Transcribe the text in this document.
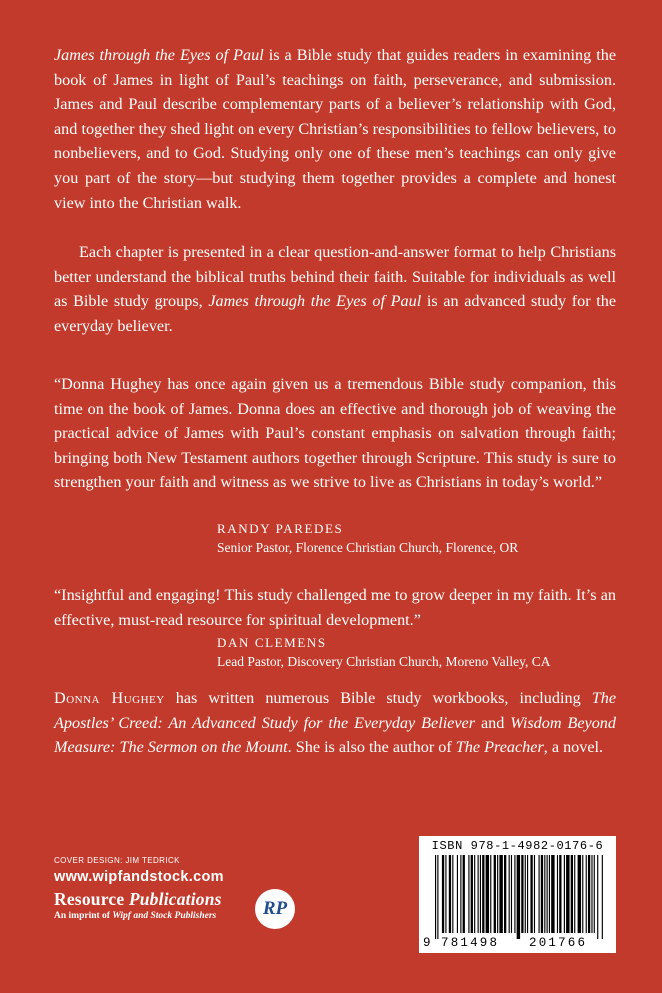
James through the Eyes of Paul is a Bible study that guides readers in examining the book of James in light of Paul’s teachings on faith, perseverance, and submission. James and Paul describe complementary parts of a believer’s relationship with God, and together they shed light on every Christian’s responsibilities to fellow believers, to nonbelievers, and to God. Studying only one of these men’s teachings can only give you part of the story—but studying them together provides a complete and honest view into the Christian walk.

Each chapter is presented in a clear question-and-answer format to help Christians better understand the biblical truths behind their faith. Suitable for individuals as well as Bible study groups, James through the Eyes of Paul is an advanced study for the everyday believer.

“Donna Hughey has once again given us a tremendous Bible study companion, this time on the book of James. Donna does an effective and thorough job of weaving the practical advice of James with Paul’s constant emphasis on salvation through faith; bringing both New Testament authors together through Scripture. This study is sure to strengthen your faith and witness as we strive to live as Christians in today’s world.”

RANDY PAREDES
Senior Pastor, Florence Christian Church, Florence, OR

“Insightful and engaging! This study challenged me to grow deeper in my faith. It’s an effective, must-read resource for spiritual development.”

DAN CLEMENS
Lead Pastor, Discovery Christian Church, Moreno Valley, CA

Donna Hughey has written numerous Bible study workbooks, including The Apostles’ Creed: An Advanced Study for the Everyday Believer and Wisdom Beyond Measure: The Sermon on the Mount. She is also the author of The Preacher, a novel.

COVER DESIGN: JIM TEDRICK
www.wipfandstock.com
Resource Publications
An imprint of Wipf and Stock Publishers RP
ISBN 978-1-4982-0176-6
9 781498 201766
